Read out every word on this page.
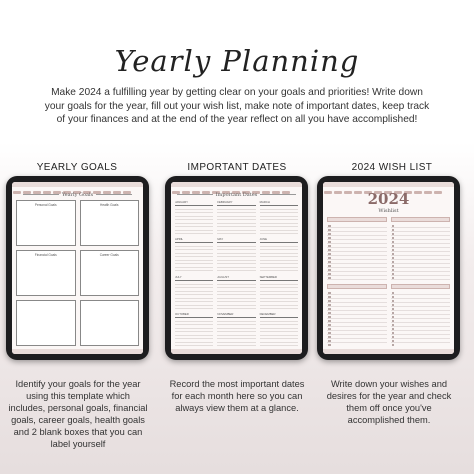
Yearly Planning
Make 2024 a fulfilling year by getting clear on your goals and priorities! Write down your goals for the year, fill out your wish list, make note of important dates, keep track of your finances and at the end of the year reflect on all you have accomplished!
YEARLY GOALS	IMPORTANT DATES	2024 WISH LIST
Yearly Goals
Personal Goals	Health Goals
Financial Goals	Career Goals
Important Dates
JANUARY	FEBRUARY	MARCH
APRIL	MAY	JUNE
JULY	AUGUST	SEPTEMBER
OCTOBER	NOVEMBER	DECEMBER
2024
Wishlist
Identify your goals for the year using this template which includes, personal goals, financial goals, career goals, health goals and 2 blank boxes that you can label yourself
Record the most important dates for each month here so you can always view them at a glance.
Write down your wishes and desires for the year and check them off once you've accomplished them.
